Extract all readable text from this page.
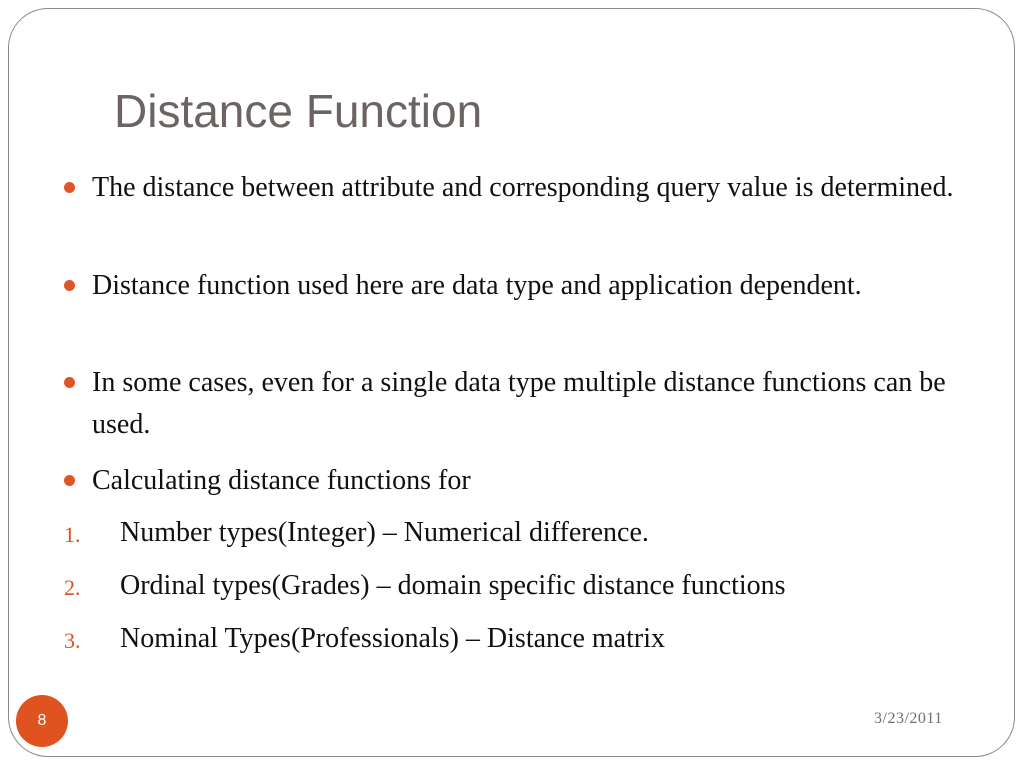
Distance Function
The distance between attribute and corresponding query value is determined.
Distance function used here are data type and application dependent.
In some cases, even for a single data type multiple distance functions can be used.
Calculating distance functions for
1. Number types(Integer) – Numerical difference.
2. Ordinal types(Grades) – domain specific distance functions
3. Nominal Types(Professionals) – Distance matrix
8	3/23/2011
